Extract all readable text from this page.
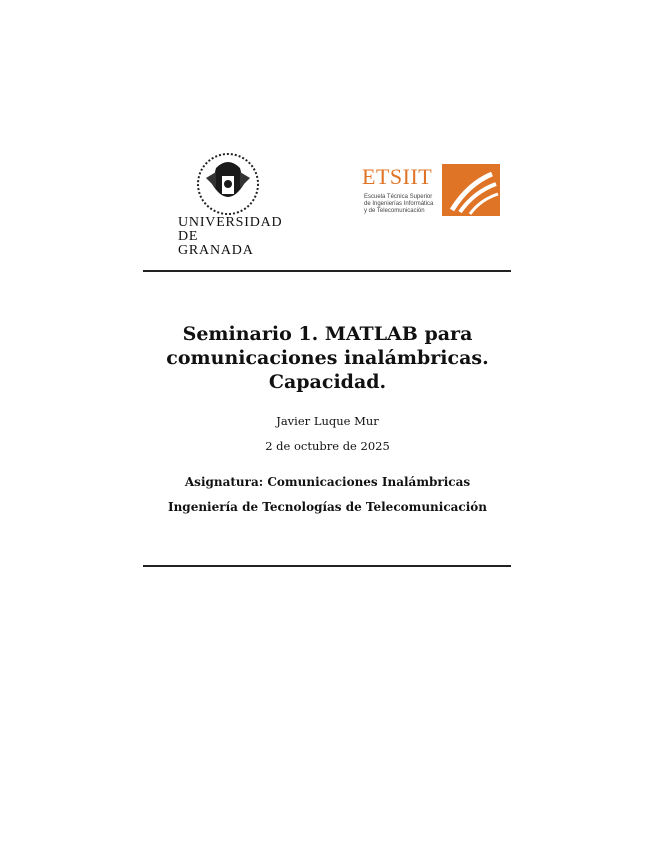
UNIVERSIDAD
DE GRANADA
ETSIIT
Escuela Técnica Superior
de Ingenierías Informática
y de Telecomunicación
Seminario 1. MATLAB para
comunicaciones inalámbricas.
Capacidad.
Javier Luque Mur
2 de octubre de 2025
Asignatura: Comunicaciones Inalámbricas
Ingeniería de Tecnologías de Telecomunicación
